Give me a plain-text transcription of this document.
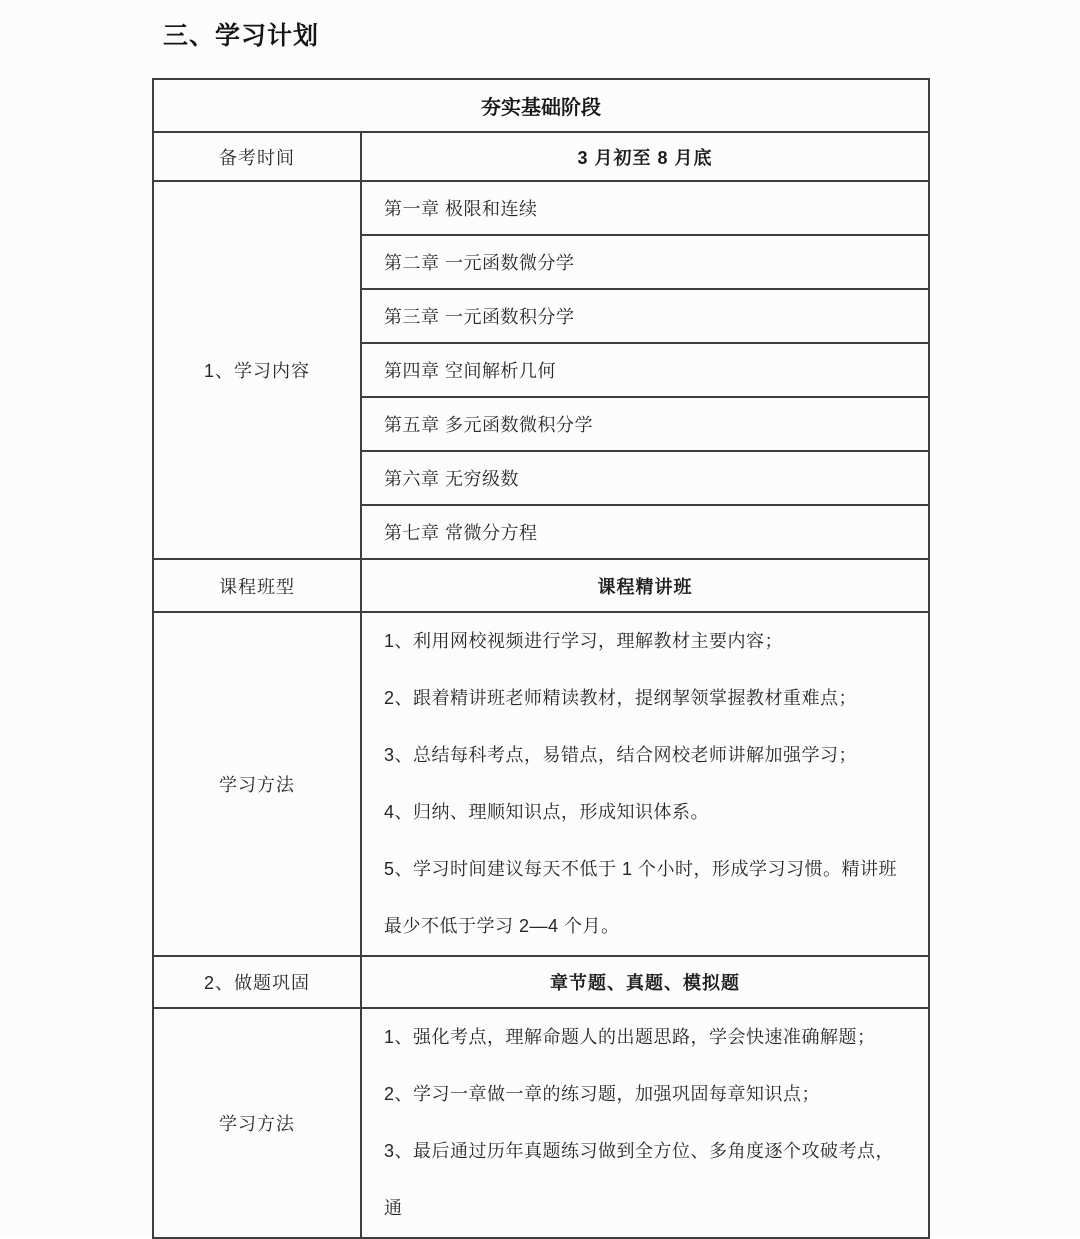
三、学习计划
夯实基础阶段	
备考时间	3 月初至 8 月底
1、学习内容	第一章 极限和连续
	第二章 一元函数微分学
	第三章 一元函数积分学
	第四章 空间解析几何
	第五章 多元函数微积分学
	第六章 无穷级数
	第七章 常微分方程
课程班型	课程精讲班
学习方法	1、利用网校视频进行学习，理解教材主要内容；
2、跟着精讲班老师精读教材，提纲挈领掌握教材重难点；
3、总结每科考点，易错点，结合网校老师讲解加强学习；
4、归纳、理顺知识点，形成知识体系。
5、学习时间建议每天不低于 1 个小时，形成学习习惯。精讲班最少不低于学习 2—4 个月。

2、做题巩固	章节题、真题、模拟题
学习方法	1、强化考点，理解命题人的出题思路，学会快速准确解题；
2、学习一章做一章的练习题，加强巩固每章知识点；
3、最后通过历年真题练习做到全方位、多角度逐个攻破考点，通
